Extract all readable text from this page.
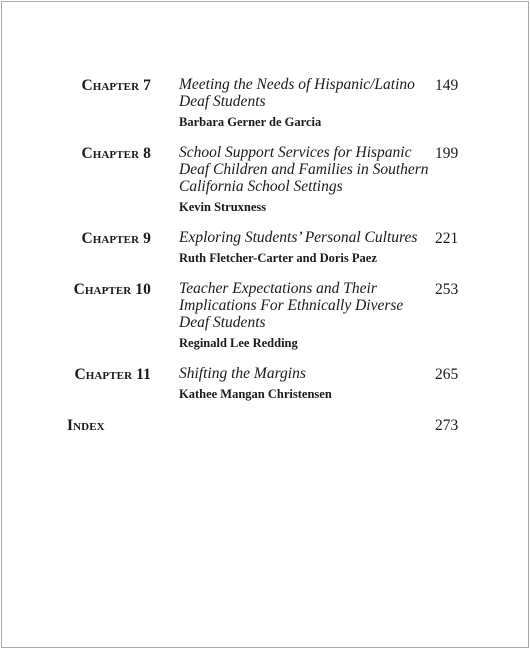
Chapter 7 Meeting the Needs of Hispanic/Latino Deaf Students
Barbara Gerner de Garcia
149
Chapter 8 School Support Services for Hispanic Deaf Children and Families in Southern California School Settings
Kevin Struxness
199
Chapter 9 Exploring Students’ Personal Cultures
Ruth Fletcher-Carter and Doris Paez
221
Chapter 10 Teacher Expectations and Their Implications For Ethnically Diverse Deaf Students
Reginald Lee Redding
253
Chapter 11 Shifting the Margins
Kathee Mangan Christensen
265
Index	273
